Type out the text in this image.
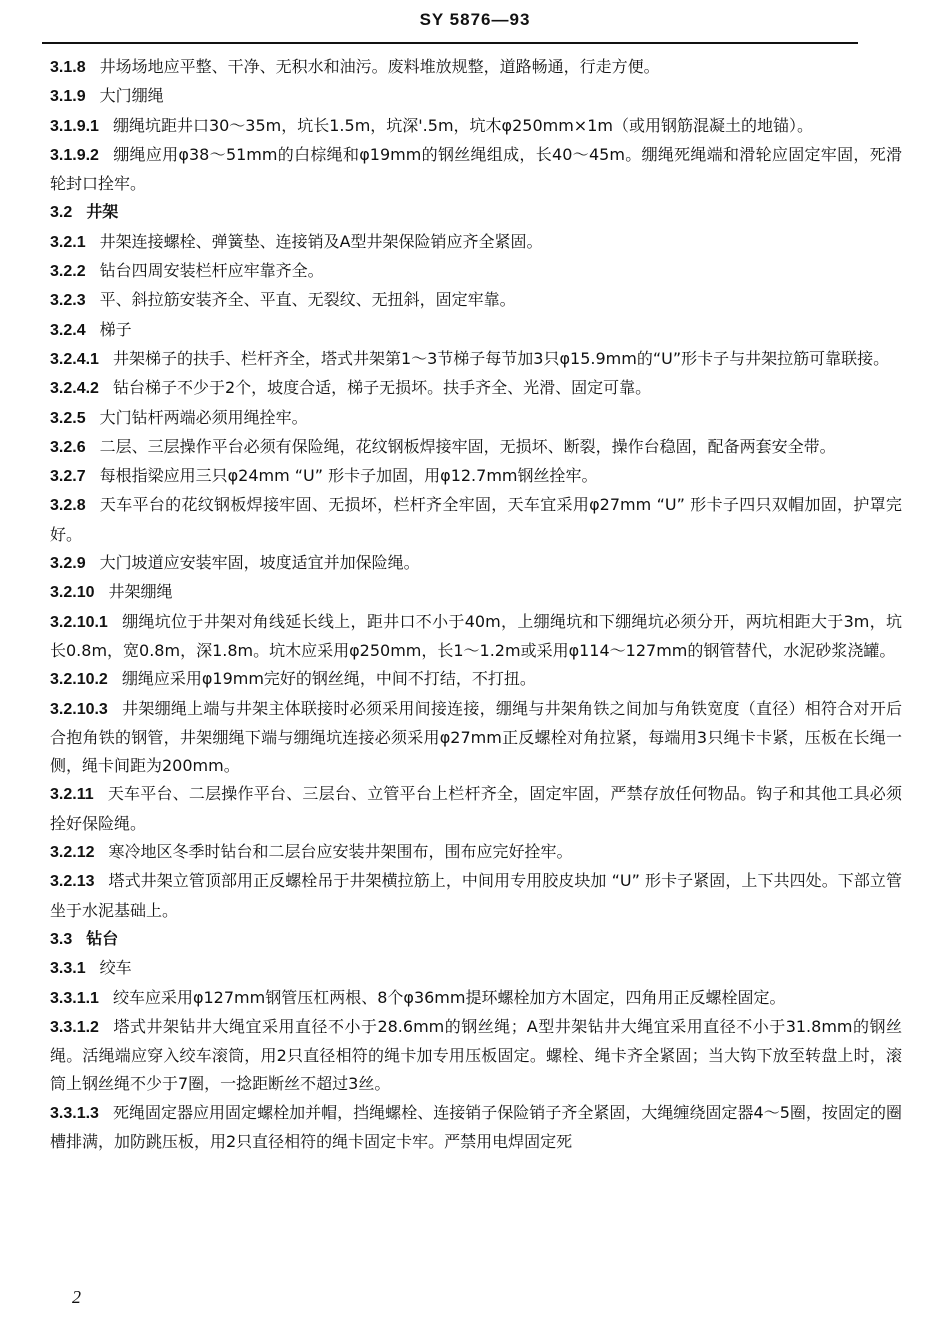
SY 5876—93

3.1.8 井场场地应平整、干净、无积水和油污。废料堆放规整，道路畅通，行走方便。

3.1.9 大门绷绳

3.1.9.1 绷绳坑距井口30～35m，坑长1.5m，坑深'.5m，坑木φ250mm×1m（或用钢筋混凝土的地锚）。

3.1.9.2 绷绳应用φ38～51mm的白棕绳和φ19mm的钢丝绳组成，长40～45m。绷绳死绳端和滑轮应固定牢固，死滑轮封口拴牢。

3.2 井架

3.2.1 井架连接螺栓、弹簧垫、连接销及A型井架保险销应齐全紧固。

3.2.2 钻台四周安装栏杆应牢靠齐全。

3.2.3 平、斜拉筋安装齐全、平直、无裂纹、无扭斜，固定牢靠。

3.2.4 梯子

3.2.4.1 井架梯子的扶手、栏杆齐全，塔式井架第1～3节梯子每节加3只φ15.9mm的“U”形卡子与井架拉筋可靠联接。

3.2.4.2 钻台梯子不少于2个，坡度合适，梯子无损坏。扶手齐全、光滑、固定可靠。

3.2.5 大门钻杆两端必须用绳拴牢。

3.2.6 二层、三层操作平台必须有保险绳，花纹钢板焊接牢固，无损坏、断裂，操作台稳固，配备两套安全带。

3.2.7 每根指梁应用三只φ24mm “U” 形卡子加固，用φ12.7mm钢丝拴牢。

3.2.8 天车平台的花纹钢板焊接牢固、无损坏，栏杆齐全牢固，天车宜采用φ27mm “U” 形卡子四只双帽加固，护罩完好。

3.2.9 大门坡道应安装牢固，坡度适宜并加保险绳。

3.2.10 井架绷绳

3.2.10.1 绷绳坑位于井架对角线延长线上，距井口不小于40m，上绷绳坑和下绷绳坑必须分开，两坑相距大于3m，坑长0.8m，宽0.8m，深1.8m。坑木应采用φ250mm，长1～1.2m或采用φ114～127mm的钢管替代，水泥砂浆浇罐。

3.2.10.2 绷绳应采用φ19mm完好的钢丝绳，中间不打结，不打扭。

3.2.10.3 井架绷绳上端与井架主体联接时必须采用间接连接，绷绳与井架角铁之间加与角铁宽度（直径）相符合对开后合抱角铁的钢管，井架绷绳下端与绷绳坑连接必须采用φ27mm正反螺栓对角拉紧，每端用3只绳卡卡紧，压板在长绳一侧，绳卡间距为200mm。

3.2.11 天车平台、二层操作平台、三层台、立管平台上栏杆齐全，固定牢固，严禁存放任何物品。钩子和其他工具必须拴好保险绳。

3.2.12 寒冷地区冬季时钻台和二层台应安装井架围布，围布应完好拴牢。

3.2.13 塔式井架立管顶部用正反螺栓吊于井架横拉筋上，中间用专用胶皮块加 “U” 形卡子紧固，上下共四处。下部立管坐于水泥基础上。

3.3 钻台

3.3.1 绞车

3.3.1.1 绞车应采用φ127mm钢管压杠两根、8个φ36mm提环螺栓加方木固定，四角用正反螺栓固定。

3.3.1.2 塔式井架钻井大绳宜采用直径不小于28.6mm的钢丝绳；A型井架钻井大绳宜采用直径不小于31.8mm的钢丝绳。活绳端应穿入绞车滚筒，用2只直径相符的绳卡加专用压板固定。螺栓、绳卡齐全紧固；当大钩下放至转盘上时，滚筒上钢丝绳不少于7圈，一捻距断丝不超过3丝。

3.3.1.3 死绳固定器应用固定螺栓加并帽，挡绳螺栓、连接销子保险销子齐全紧固，大绳缠绕固定器4～5圈，按固定的圈槽排满，加防跳压板，用2只直径相符的绳卡固定卡牢。严禁用电焊固定死

2
